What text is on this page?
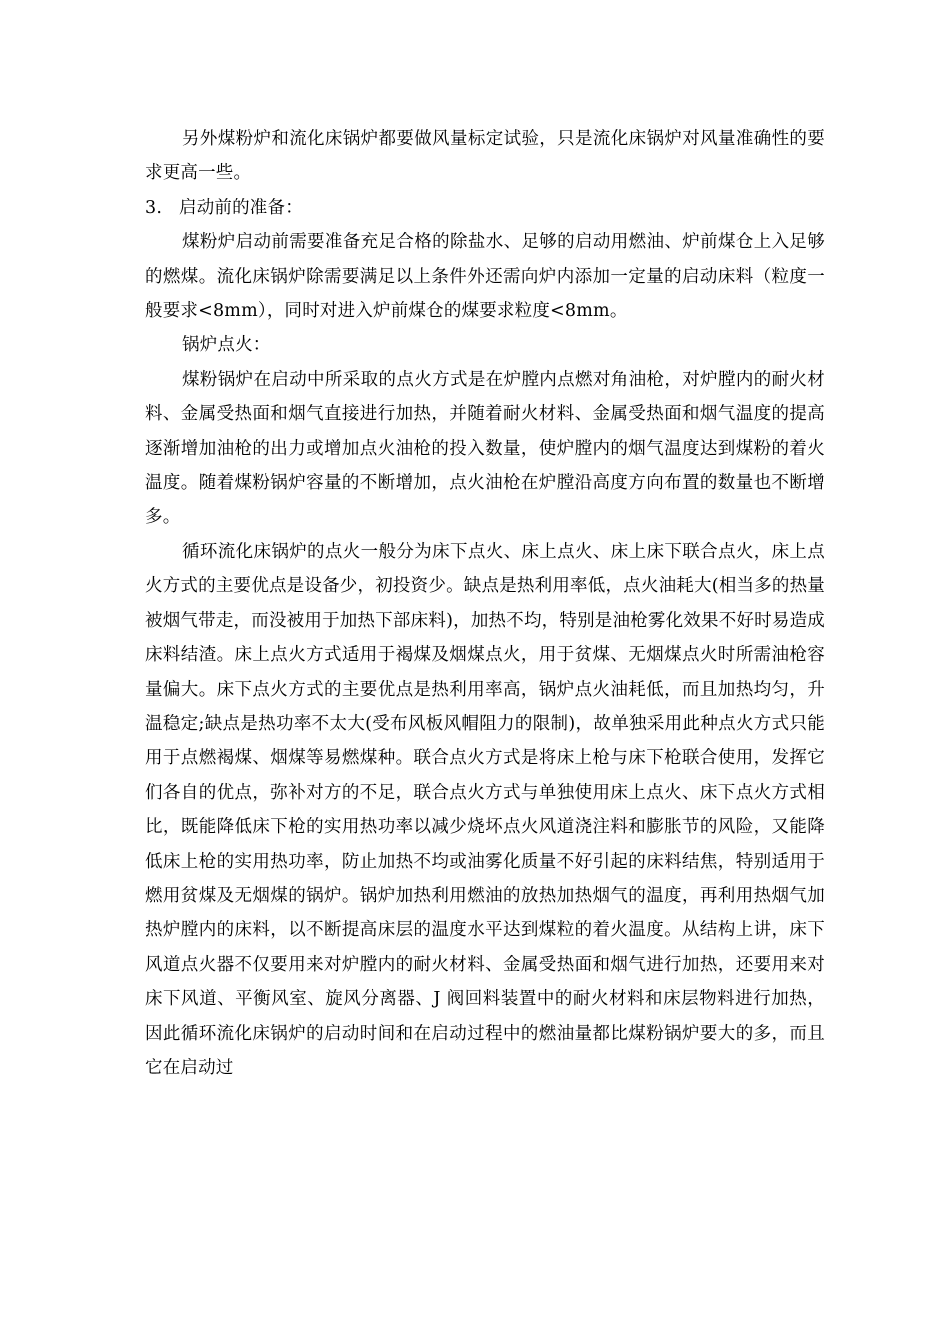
另外煤粉炉和流化床锅炉都要做风量标定试验，只是流化床锅炉对风量准确性的要求更高一些。

3. 启动前的准备：

煤粉炉启动前需要准备充足合格的除盐水、足够的启动用燃油、炉前煤仓上入足够的燃煤。流化床锅炉除需要满足以上条件外还需向炉内添加一定量的启动床料（粒度一般要求<8mm），同时对进入炉前煤仓的煤要求粒度<8mm。

锅炉点火：

煤粉锅炉在启动中所采取的点火方式是在炉膛内点燃对角油枪，对炉膛内的耐火材料、金属受热面和烟气直接进行加热，并随着耐火材料、金属受热面和烟气温度的提高逐渐增加油枪的出力或增加点火油枪的投入数量，使炉膛内的烟气温度达到煤粉的着火温度。随着煤粉锅炉容量的不断增加，点火油枪在炉膛沿高度方向布置的数量也不断增多。

循环流化床锅炉的点火一般分为床下点火、床上点火、床上床下联合点火，床上点火方式的主要优点是设备少，初投资少。缺点是热利用率低，点火油耗大(相当多的热量被烟气带走，而没被用于加热下部床料)，加热不均，特别是油枪雾化效果不好时易造成床料结渣。床上点火方式适用于褐煤及烟煤点火，用于贫煤、无烟煤点火时所需油枪容量偏大。床下点火方式的主要优点是热利用率高，锅炉点火油耗低，而且加热均匀，升温稳定;缺点是热功率不太大(受布风板风帽阻力的限制)，故单独采用此种点火方式只能用于点燃褐煤、烟煤等易燃煤种。联合点火方式是将床上枪与床下枪联合使用，发挥它们各自的优点，弥补对方的不足，联合点火方式与单独使用床上点火、床下点火方式相比，既能降低床下枪的实用热功率以减少烧坏点火风道浇注料和膨胀节的风险，又能降低床上枪的实用热功率，防止加热不均或油雾化质量不好引起的床料结焦，特别适用于燃用贫煤及无烟煤的锅炉。锅炉加热利用燃油的放热加热烟气的温度，再利用热烟气加热炉膛内的床料，以不断提高床层的温度水平达到煤粒的着火温度。从结构上讲，床下风道点火器不仅要用来对炉膛内的耐火材料、金属受热面和烟气进行加热，还要用来对床下风道、平衡风室、旋风分离器、J 阀回料装置中的耐火材料和床层物料进行加热，因此循环流化床锅炉的启动时间和在启动过程中的燃油量都比煤粉锅炉要大的多，而且它在启动过
